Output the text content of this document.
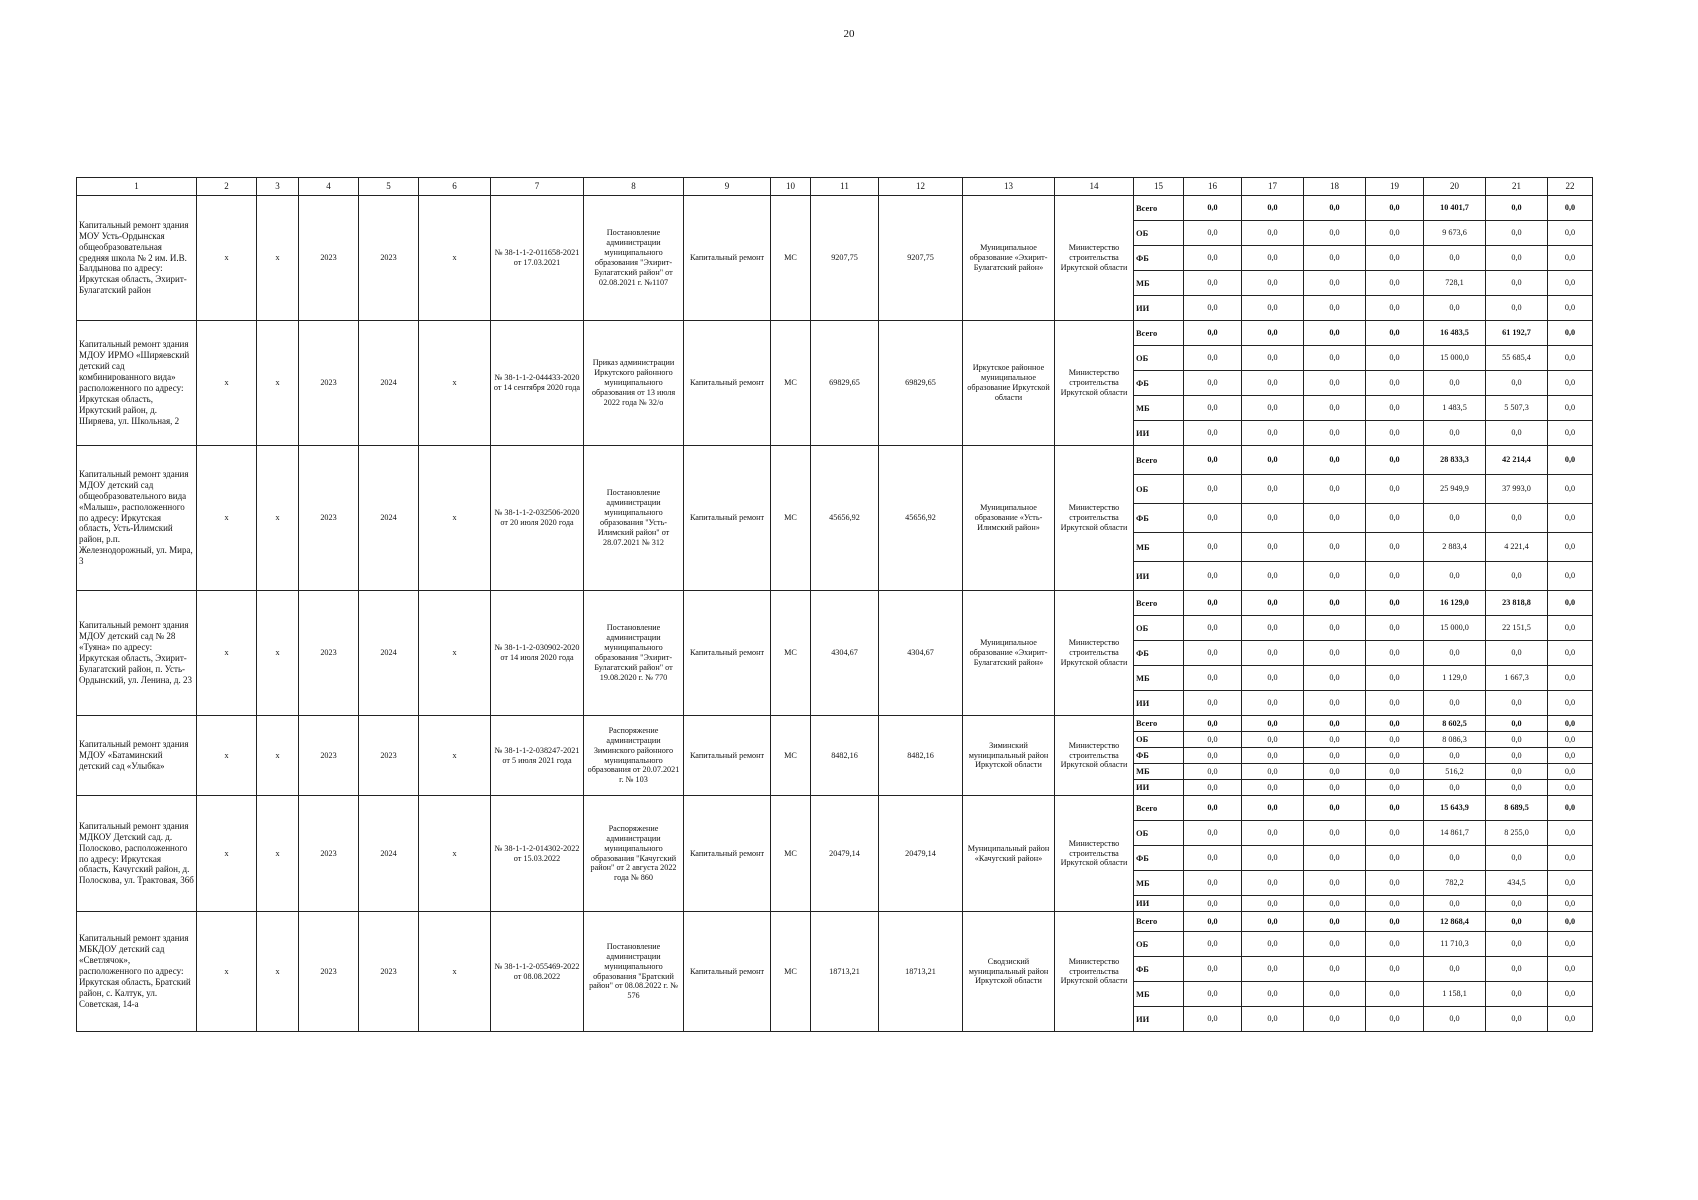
20
1	2	3	4	5	6	7	8	9	10	11	12	13	14	15	16	17	18	19	20	21	22
Капитальный ремонт здания МОУ Усть-Ордынская общеобразовательная средняя школа № 2 им. И.В. Балдынова по адресу: Иркутская область, Эхирит-Булагатский район	х	х	2023	2023	х	№ 38-1-1-2-011658-2021 от 17.03.2021	Постановление администрации муниципального образования "Эхирит-Булагатский район" от 02.08.2021 г. №1107	Капитальный ремонт	МС	9207,75	9207,75	Муниципальное образование «Эхирит-Булагатский район»	Министерство строительства Иркутской области	Всего	0,0	0,0	0,0	0,0	10 401,7	0,0	0,0
														ОБ	0,0	0,0	0,0	0,0	9 673,6	0,0	0,0
														ФБ	0,0	0,0	0,0	0,0	0,0	0,0	0,0
														МБ	0,0	0,0	0,0	0,0	728,1	0,0	0,0
														ИИ	0,0	0,0	0,0	0,0	0,0	0,0	0,0
Капитальный ремонт здания МДОУ ИРМО «Ширяевский детский сад комбинированного вида» расположенного по адресу: Иркутская область, Иркутский район, д. Ширяева, ул. Школьная, 2	х	х	2023	2024	х	№ 38-1-1-2-044433-2020 от 14 сентября 2020 года	Приказ администрации Иркутского районного муниципального образования от 13 июля 2022 года № 32/о	Капитальный ремонт	МС	69829,65	69829,65	Иркутское районное муниципальное образование Иркутской области	Министерство строительства Иркутской области	Всего	0,0	0,0	0,0	0,0	16 483,5	61 192,7	0,0
														ОБ	0,0	0,0	0,0	0,0	15 000,0	55 685,4	0,0
														ФБ	0,0	0,0	0,0	0,0	0,0	0,0	0,0
														МБ	0,0	0,0	0,0	0,0	1 483,5	5 507,3	0,0
														ИИ	0,0	0,0	0,0	0,0	0,0	0,0	0,0
Капитальный ремонт здания МДОУ детский сад общеобразовательного вида «Малыш», расположенного по адресу: Иркутская область, Усть-Илимский район, р.п. Железнодорожный, ул. Мира, 3	х	х	2023	2024	х	№ 38-1-1-2-032506-2020 от 20 июля 2020 года	Постановление администрации муниципального образования "Усть-Илимский район" от 28.07.2021 № 312	Капитальный ремонт	МС	45656,92	45656,92	Муниципальное образование «Усть-Илимский район»	Министерство строительства Иркутской области	Всего	0,0	0,0	0,0	0,0	28 833,3	42 214,4	0,0
														ОБ	0,0	0,0	0,0	0,0	25 949,9	37 993,0	0,0
														ФБ	0,0	0,0	0,0	0,0	0,0	0,0	0,0
														МБ	0,0	0,0	0,0	0,0	2 883,4	4 221,4	0,0
														ИИ	0,0	0,0	0,0	0,0	0,0	0,0	0,0
Капитальный ремонт здания МДОУ детский сад № 28 «Туяна» по адресу: Иркутская область, Эхирит-Булагатский район, п. Усть-Ордынский, ул. Ленина, д. 23	х	х	2023	2024	х	№ 38-1-1-2-030902-2020 от 14 июля 2020 года	Постановление администрации муниципального образования "Эхирит-Булагатский район" от 19.08.2020 г. № 770	Капитальный ремонт	МС	4304,67	4304,67	Муниципальное образование «Эхирит-Булагатский район»	Министерство строительства Иркутской области	Всего	0,0	0,0	0,0	0,0	16 129,0	23 818,8	0,0
														ОБ	0,0	0,0	0,0	0,0	15 000,0	22 151,5	0,0
														ФБ	0,0	0,0	0,0	0,0	0,0	0,0	0,0
														МБ	0,0	0,0	0,0	0,0	1 129,0	1 667,3	0,0
														ИИ	0,0	0,0	0,0	0,0	0,0	0,0	0,0
Капитальный ремонт здания МДОУ «Батаминский детский сад «Улыбка»	х	х	2023	2023	х	№ 38-1-1-2-038247-2021 от 5 июля 2021 года	Распоряжение администрации Зиминского районного муниципального образования от 20.07.2021 г. № 103	Капитальный ремонт	МС	8482,16	8482,16	Зиминский муниципальный район Иркутской области	Министерство строительства Иркутской области	Всего	0,0	0,0	0,0	0,0	8 602,5	0,0	0,0
														ОБ	0,0	0,0	0,0	0,0	8 086,3	0,0	0,0
														ФБ	0,0	0,0	0,0	0,0	0,0	0,0	0,0
														МБ	0,0	0,0	0,0	0,0	516,2	0,0	0,0
														ИИ	0,0	0,0	0,0	0,0	0,0	0,0	0,0
Капитальный ремонт здания МДКОУ Детский сад. д. Полосково, расположенного по адресу: Иркутская область, Качугский район, д. Полоскова, ул. Трактовая, 36б	х	х	2023	2024	х	№ 38-1-1-2-014302-2022 от 15.03.2022	Распоряжение администрации муниципального образования "Качугский район" от 2 августа 2022 года № 860	Капитальный ремонт	МС	20479,14	20479,14	Муниципальный район «Качугский район»	Министерство строительства Иркутской области	Всего	0,0	0,0	0,0	0,0	15 643,9	8 689,5	0,0
														ОБ	0,0	0,0	0,0	0,0	14 861,7	8 255,0	0,0
														ФБ	0,0	0,0	0,0	0,0	0,0	0,0	0,0
														МБ	0,0	0,0	0,0	0,0	782,2	434,5	0,0
														ИИ	0,0	0,0	0,0	0,0	0,0	0,0	0,0
Капитальный ремонт здания МБКДОУ детский сад «Светлячок», расположенного по адресу: Иркутская область, Братский район, с. Калтук, ул. Советская, 14-а	х	х	2023	2023	х	№ 38-1-1-2-055469-2022 от 08.08.2022	Постановление администрации муниципального образования "Братский район" от 08.08.2022 г. № 576	Капитальный ремонт	МС	18713,21	18713,21	Сводзиский муниципальный район Иркутской области	Министерство строительства Иркутской области	Всего	0,0	0,0	0,0	0,0	12 868,4	0,0	0,0
														ОБ	0,0	0,0	0,0	0,0	11 710,3	0,0	0,0
														ФБ	0,0	0,0	0,0	0,0	0,0	0,0	0,0
														МБ	0,0	0,0	0,0	0,0	1 158,1	0,0	0,0
														ИИ	0,0	0,0	0,0	0,0	0,0	0,0	0,0
